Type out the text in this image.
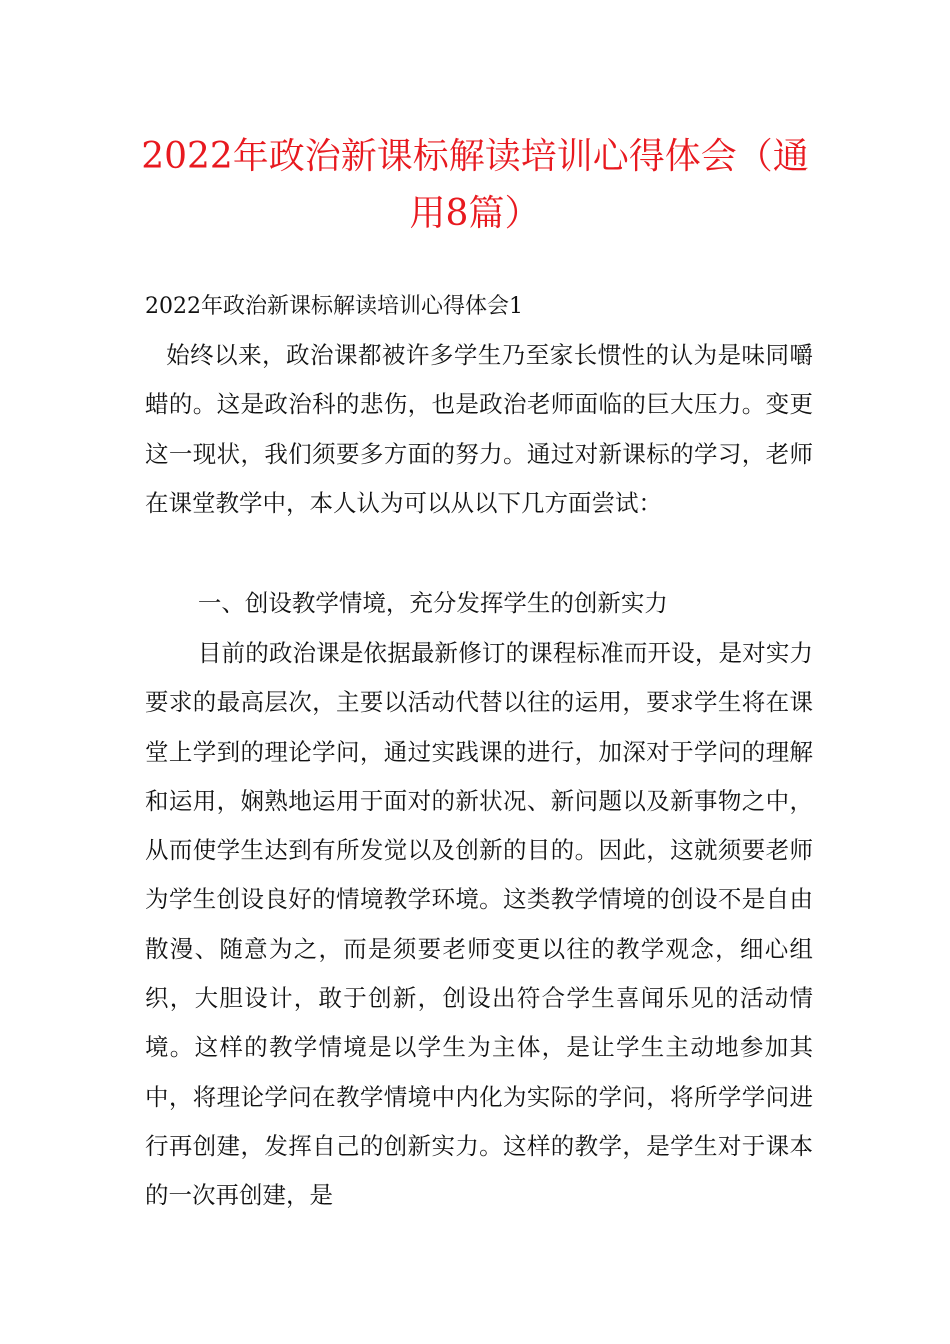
2022年政治新课标解读培训心得体会（通用8篇）
2022年政治新课标解读培训心得体会1
始终以来，政治课都被许多学生乃至家长惯性的认为是味同嚼蜡的。这是政治科的悲伤，也是政治老师面临的巨大压力。变更这一现状，我们须要多方面的努力。通过对新课标的学习，老师在课堂教学中，本人认为可以从以下几方面尝试：
一、创设教学情境，充分发挥学生的创新实力
目前的政治课是依据最新修订的课程标准而开设，是对实力要求的最高层次，主要以活动代替以往的运用，要求学生将在课堂上学到的理论学问，通过实践课的进行，加深对于学问的理解和运用，娴熟地运用于面对的新状况、新问题以及新事物之中，从而使学生达到有所发觉以及创新的目的。因此，这就须要老师为学生创设良好的情境教学环境。这类教学情境的创设不是自由散漫、随意为之，而是须要老师变更以往的教学观念，细心组织，大胆设计，敢于创新，创设出符合学生喜闻乐见的活动情境。这样的教学情境是以学生为主体，是让学生主动地参加其中，将理论学问在教学情境中内化为实际的学问，将所学学问进行再创建，发挥自己的创新实力。这样的教学，是学生对于课本的一次再创建，是
